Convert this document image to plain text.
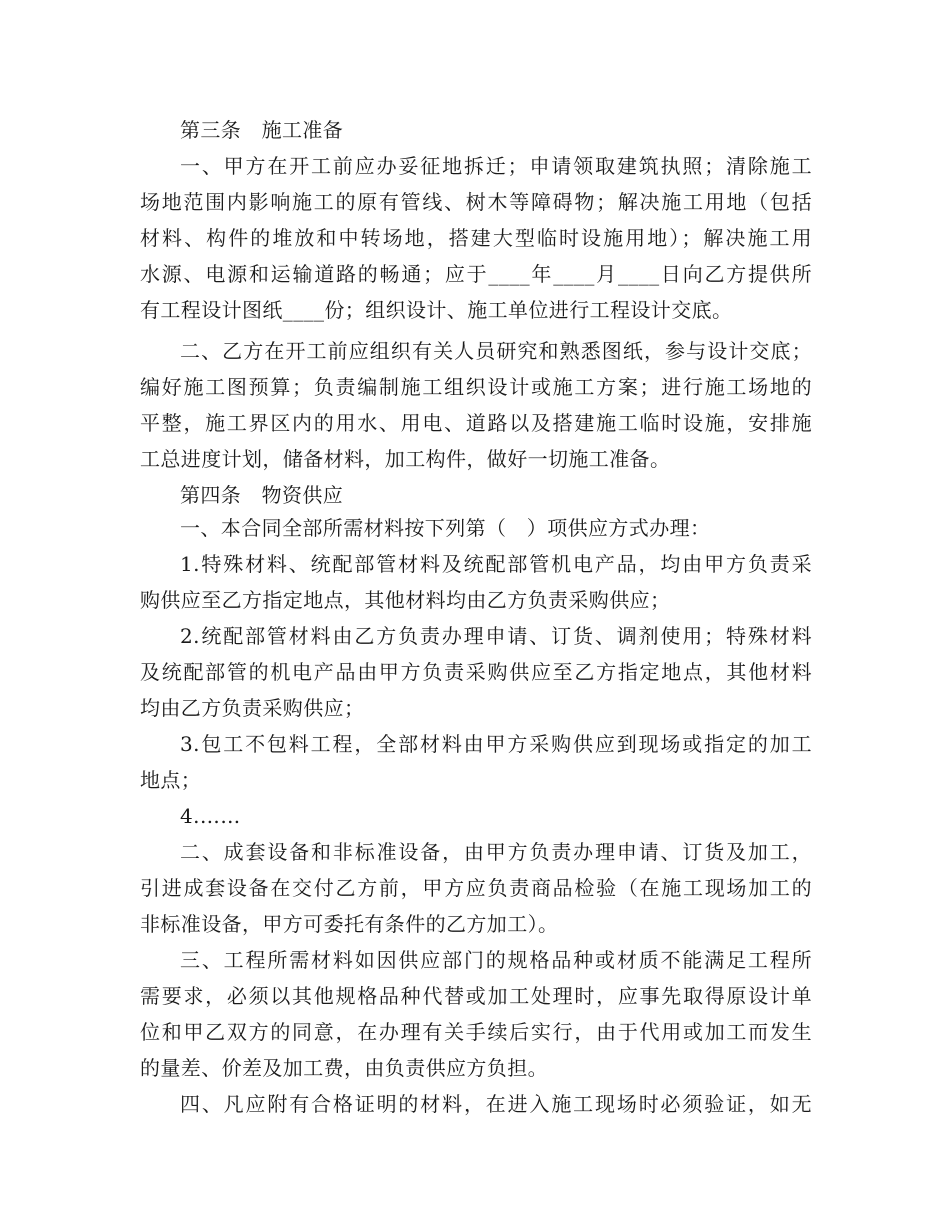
第三条　施工准备
一、甲方在开工前应办妥征地拆迁；申请领取建筑执照；清除施工
场地范围内影响施工的原有管线、树木等障碍物；解决施工用地（包括
材料、构件的堆放和中转场地，搭建大型临时设施用地）；解决施工用
水源、电源和运输道路的畅通；应于____年____月____日向乙方提供所
有工程设计图纸____份；组织设计、施工单位进行工程设计交底。
二、乙方在开工前应组织有关人员研究和熟悉图纸，参与设计交底；
编好施工图预算；负责编制施工组织设计或施工方案；进行施工场地的
平整，施工界区内的用水、用电、道路以及搭建施工临时设施，安排施
工总进度计划，储备材料，加工构件，做好一切施工准备。
第四条　物资供应
一、本合同全部所需材料按下列第（　）项供应方式办理：
1.特殊材料、统配部管材料及统配部管机电产品，均由甲方负责采
购供应至乙方指定地点，其他材料均由乙方负责采购供应；
2.统配部管材料由乙方负责办理申请、订货、调剂使用；特殊材料
及统配部管的机电产品由甲方负责采购供应至乙方指定地点，其他材料
均由乙方负责采购供应；
3.包工不包料工程，全部材料由甲方采购供应到现场或指定的加工
地点；
4.……
二、成套设备和非标准设备，由甲方负责办理申请、订货及加工，
引进成套设备在交付乙方前，甲方应负责商品检验（在施工现场加工的
非标准设备，甲方可委托有条件的乙方加工）。
三、工程所需材料如因供应部门的规格品种或材质不能满足工程所
需要求，必须以其他规格品种代替或加工处理时，应事先取得原设计单
位和甲乙双方的同意，在办理有关手续后实行，由于代用或加工而发生
的量差、价差及加工费，由负责供应方负担。
四、凡应附有合格证明的材料，在进入施工现场时必须验证，如无
